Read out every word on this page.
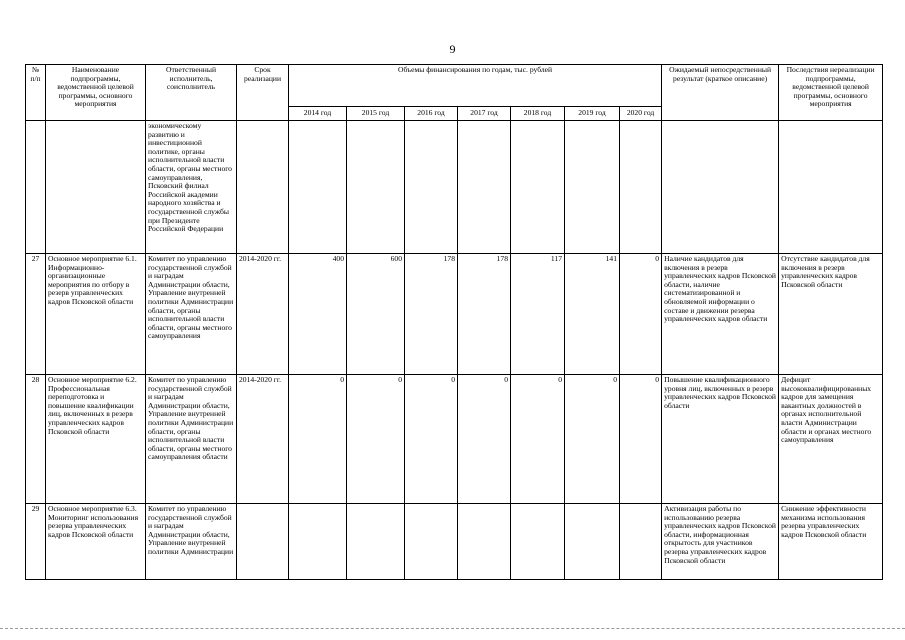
9
№ п/п	Наименование подпрограммы, ведомственной целевой программы, основного мероприятия	Ответственный исполнитель, соисполнитель	Срок реализации	Объемы финансирования по годам, тыс. рублей							Ожидаемый непосредственный результат (краткое описание)	Последствия нереализации подпрограммы, ведомственной целевой программы, основного мероприятия
				2014 год	2015 год	2016 год	2017 год	2018 год	2019 год	2020 год		
		экономическому развитию и инвестиционной политике, органы исполнительной власти области, органы местного самоуправления, Псковский филиал Российской академии народного хозяйства и государственной службы при Президенте Российской Федерации										
27	Основное мероприятие 6.1. Информационно-организационные мероприятия по отбору в резерв управленческих кадров Псковской области	Комитет по управлению государственной службой и наградам Администрации области, Управление внутренней политики Администрации области, органы исполнительной власти области, органы местного самоуправления	2014-2020 гг.	400	600	178	178	117	141	0	Наличие кандидатов для включения в резерв управленческих кадров Псковской области, наличие систематизированной и обновляемой информации о составе и движении резерва управленческих кадров области	Отсутствие кандидатов для включения в резерв управленческих кадров Псковской области
28	Основное мероприятие 6.2. Профессиональная переподготовка и повышение квалификации лиц, включенных в резерв управленческих кадров Псковской области	Комитет по управлению государственной службой и наградам Администрации области, Управление внутренней политики Администрации области, органы исполнительной власти области, органы местного самоуправления области	2014-2020 гг.	0	0	0	0	0	0	0	Повышение квалификационного уровня лиц, включенных в резерв управленческих кадров Псковской области	Дефицит высококвалифицированных кадров для замещения вакантных должностей в органах исполнительной власти Администрации области и органах местного самоуправления
29	Основное мероприятие 6.3. Мониторинг использования резерва управленческих кадров Псковской области	Комитет по управлению государственной службой и наградам Администрации области, Управление внутренней политики Администрации									Активизация работы по использованию резерва управленческих кадров Псковской области, информационная открытость для участников резерва управленческих кадров Псковской области	Снижение эффективности механизма использования резерва управленческих кадров Псковской области
